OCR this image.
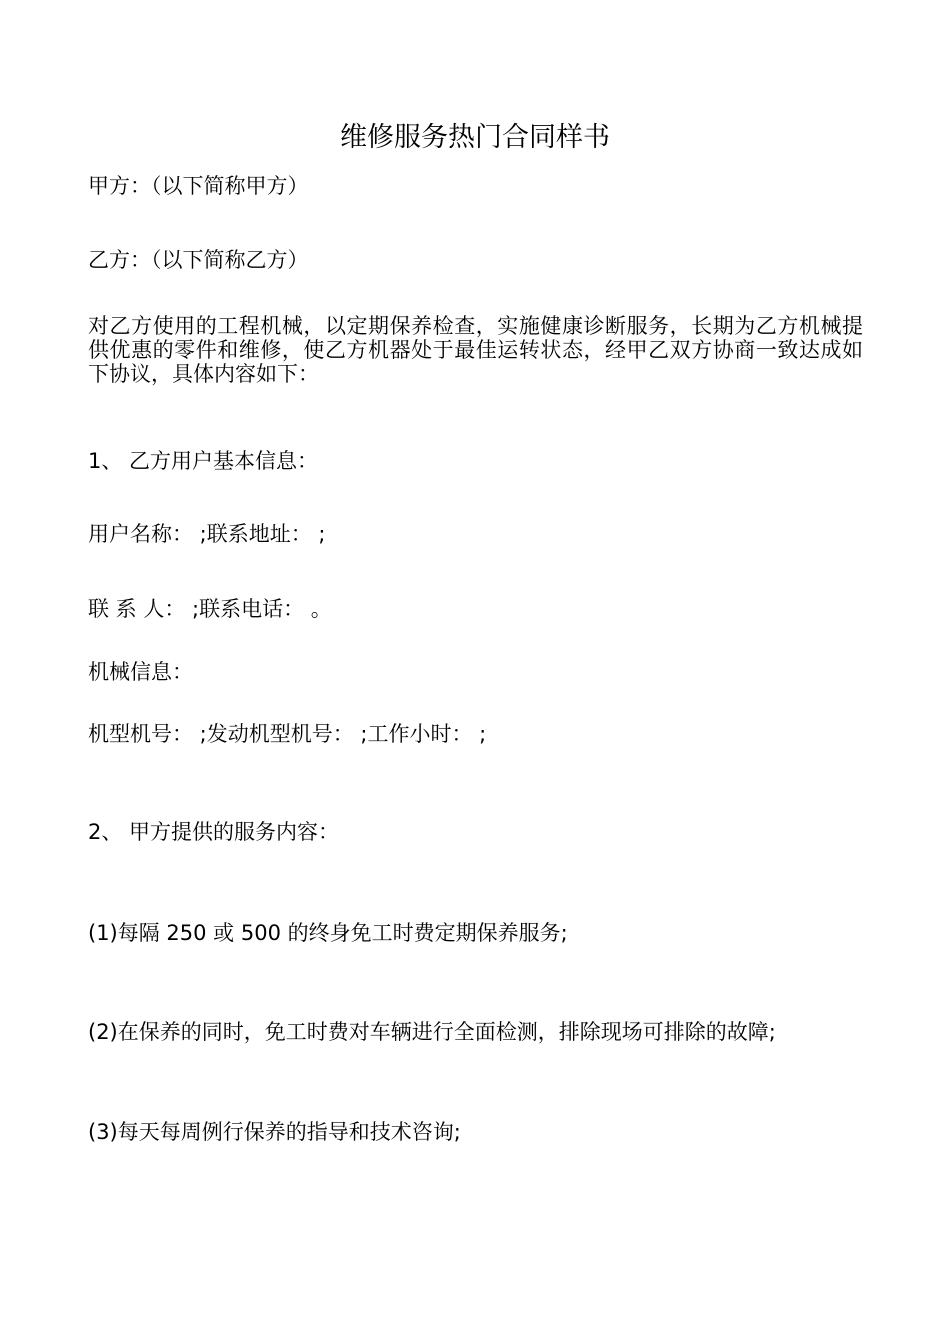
维修服务热门合同样书

甲方：（以下简称甲方）

乙方：（以下简称乙方）

对乙方使用的工程机械，以定期保养检查，实施健康诊断服务，长期为乙方机械提供优惠的零件和维修，使乙方机器处于最佳运转状态，经甲乙双方协商一致达成如下协议，具体内容如下：

1、 乙方用户基本信息：

用户名称： ;联系地址： ;

联 系 人： ;联系电话： 。

机械信息：

机型机号： ;发动机型机号： ;工作小时： ;

2、 甲方提供的服务内容：

(1)每隔 250 或 500 的终身免工时费定期保养服务;

(2)在保养的同时，免工时费对车辆进行全面检测，排除现场可排除的故障;

(3)每天每周例行保养的指导和技术咨询;
